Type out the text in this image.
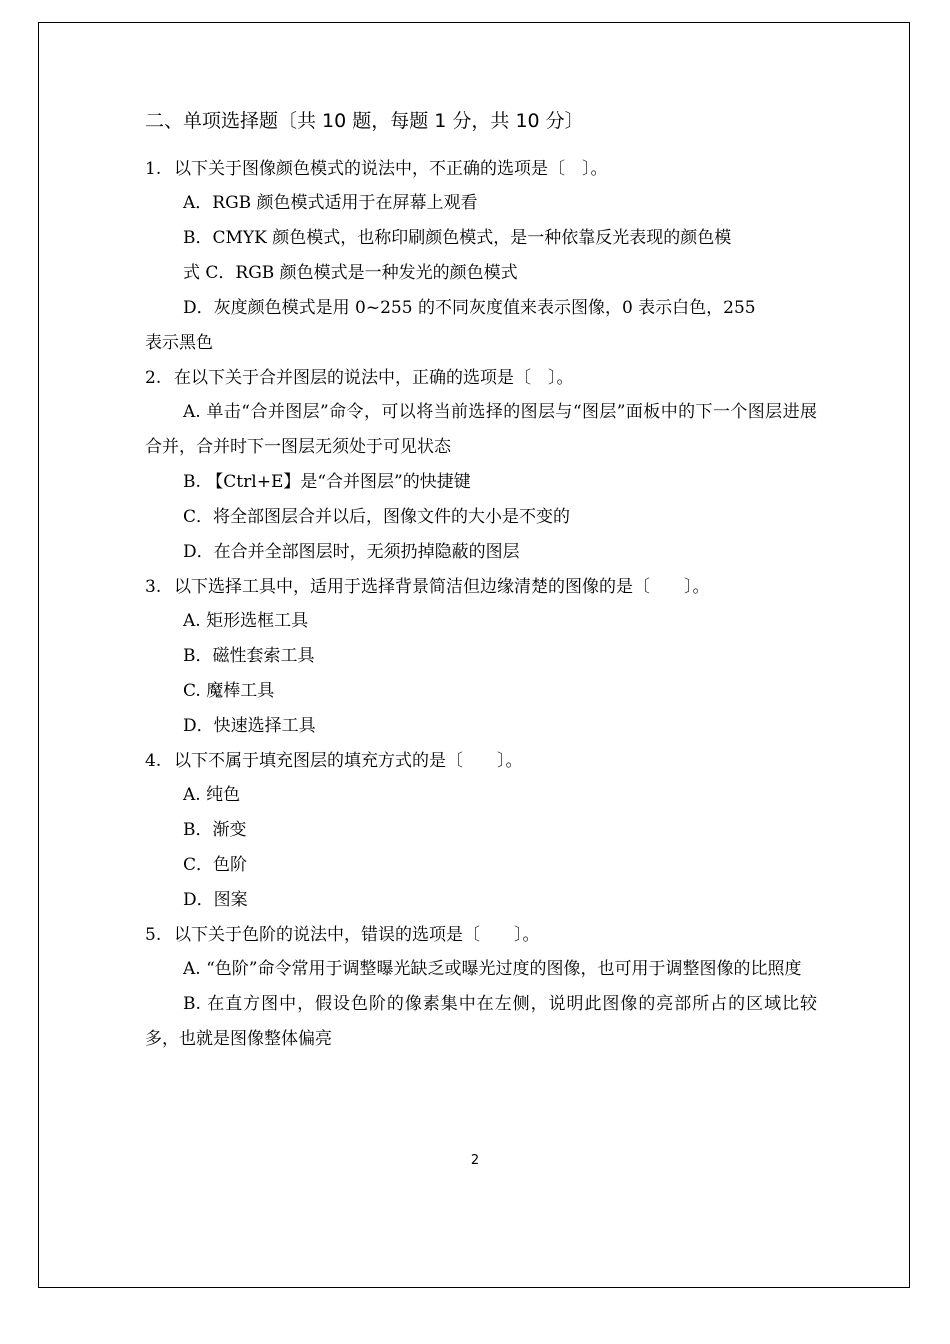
二、单项选择题〔共 10 题，每题 1 分，共 10 分〕
1. 以下关于图像颜色模式的说法中，不正确的选项是〔　〕。
A．RGB 颜色模式适用于在屏幕上观看
B．CMYK 颜色模式，也称印刷颜色模式，是一种依靠反光表现的颜色模
式 C．RGB 颜色模式是一种发光的颜色模式
D．灰度颜色模式是用 0~255 的不同灰度值来表示图像，0 表示白色，255
表示黑色
2. 在以下关于合并图层的说法中，正确的选项是〔　〕。
A. 单击“合并图层”命令，可以将当前选择的图层与“图层”面板中的下一个图层进展合并，合并时下一图层无须处于可见状态
B. 【Ctrl+E】是“合并图层”的快捷键
C．将全部图层合并以后，图像文件的大小是不变的
D．在合并全部图层时，无须扔掉隐蔽的图层
3. 以下选择工具中，适用于选择背景简洁但边缘清楚的图像的是〔　　〕。
A. 矩形选框工具
B．磁性套索工具
C. 魔棒工具
D．快速选择工具
4. 以下不属于填充图层的填充方式的是〔　　〕。
A. 纯色
B．渐变
C．色阶
D．图案
5. 以下关于色阶的说法中，错误的选项是〔　　〕。
A. “色阶”命令常用于调整曝光缺乏或曝光过度的图像，也可用于调整图像的比照度
B. 在直方图中，假设色阶的像素集中在左侧，说明此图像的亮部所占的区域比较多，也就是图像整体偏亮
2
